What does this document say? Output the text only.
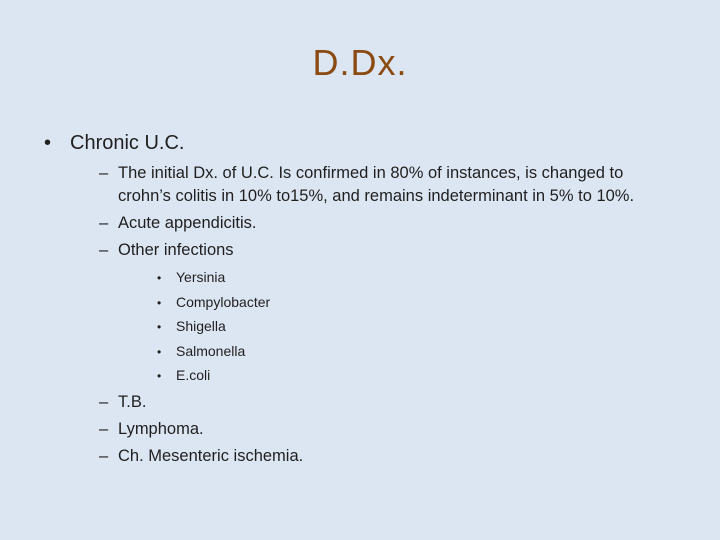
D.Dx.
• Chronic U.C.
– The initial Dx. of U.C. Is confirmed in 80% of instances, is changed to crohn’s colitis in 10% to15%, and remains indeterminant in 5% to 10%.
– Acute appendicitis.
– Other infections
•	Yersinia
•	Compylobacter
•	Shigella
•	Salmonella
•	E.coli
– T.B.
– Lymphoma.
– Ch. Mesenteric ischemia.
